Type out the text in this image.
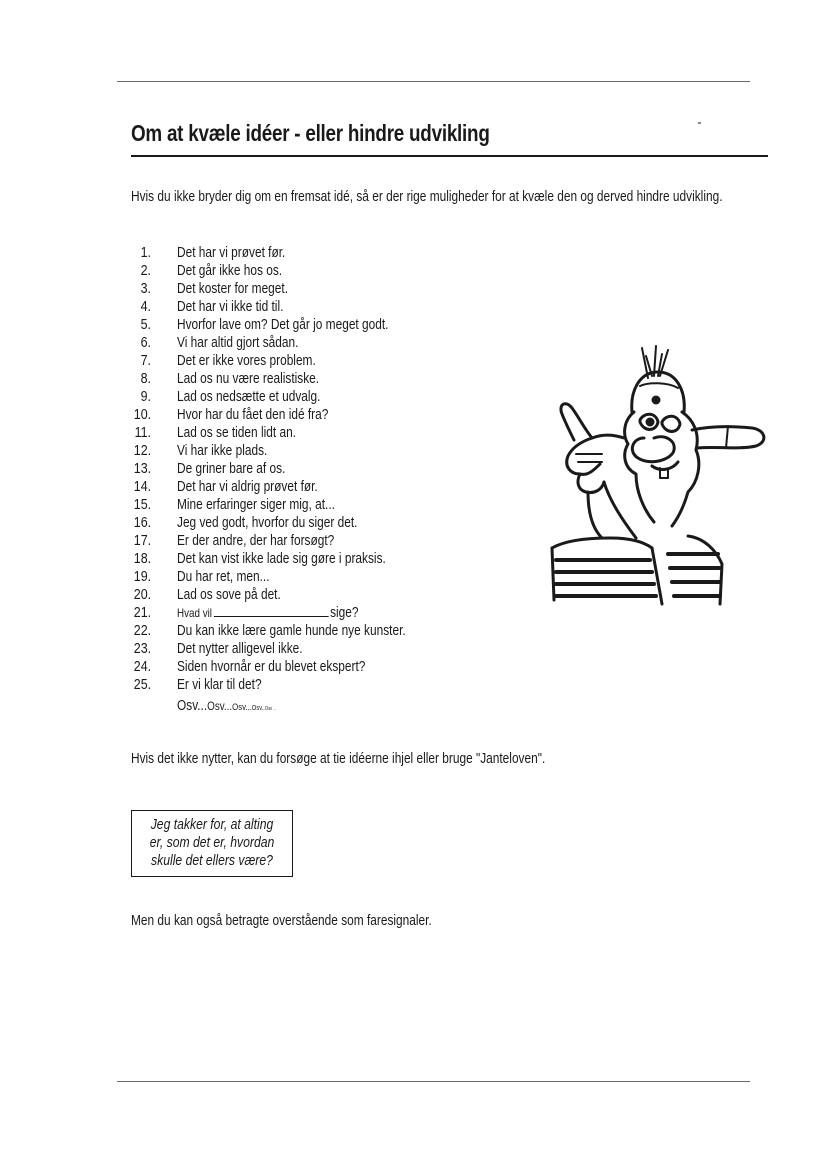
Om at kvæle idéer - eller hindre udvikling
Hvis du ikke bryder dig om en fremsat idé, så er der rige muligheder for at kvæle den og derved hindre udvikling.
1. Det har vi prøvet før.
2. Det går ikke hos os.
3. Det koster for meget.
4. Det har vi ikke tid til.
5. Hvorfor lave om? Det går jo meget godt.
6. Vi har altid gjort sådan.
7. Det er ikke vores problem.
8. Lad os nu være realistiske.
9. Lad os nedsætte et udvalg.
10. Hvor har du fået den idé fra?
11. Lad os se tiden lidt an.
12. Vi har ikke plads.
13. De griner bare af os.
14. Det har vi aldrig prøvet før.
15. Mine erfaringer siger mig, at...
16. Jeg ved godt, hvorfor du siger det.
17. Er der andre, der har forsøgt?
18. Det kan vist ikke lade sig gøre i praksis.
19. Du har ret, men...
20. Lad os sove på det.
21. Hvad vil	sige?
22. Du kan ikke lære gamle hunde nye kunster.
23. Det nytter alligevel ikke.
24. Siden hvornår er du blevet ekspert?
25. Er vi klar til det?
Osv...Osv...Osv...Osv..Osv ..
Hvis det ikke nytter, kan du forsøge at tie idéerne ihjel eller bruge "Janteloven".
Jeg takker for, at alting
er, som det er, hvordan
skulle det ellers være?
Men du kan også betragte overstående som faresignaler.
